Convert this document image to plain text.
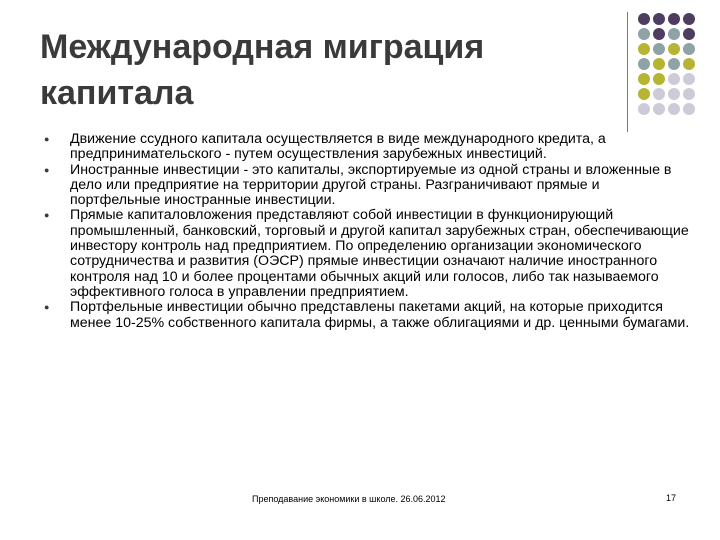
Международная миграция
капитала
● Движение ссудного капитала осуществляется в виде международного кредита, а предпринимательского - путем осуществления зарубежных инвестиций.
● Иностранные инвестиции - это капиталы, экспортируемые из одной страны и вложенные в дело или предприятие на территории другой страны. Разграничивают прямые и портфельные иностранные инвестиции.
● Прямые капиталовложения представляют собой инвестиции в функционирующий промышленный, банковский, торговый и другой капитал зарубежных стран, обеспечивающие инвестору контроль над предприятием. По определению организации экономического сотрудничества и развития (ОЭСР) прямые инвестиции означают наличие иностранного контроля над 10 и более процентами обычных акций или голосов, либо так называемого эффективного голоса в управлении предприятием.
● Портфельные инвестиции обычно представлены пакетами акций, на которые приходится менее 10-25% собственного капитала фирмы, а также облигациями и др. ценными бумагами.
Преподавание экономики в школе. 26.06.2012	17
